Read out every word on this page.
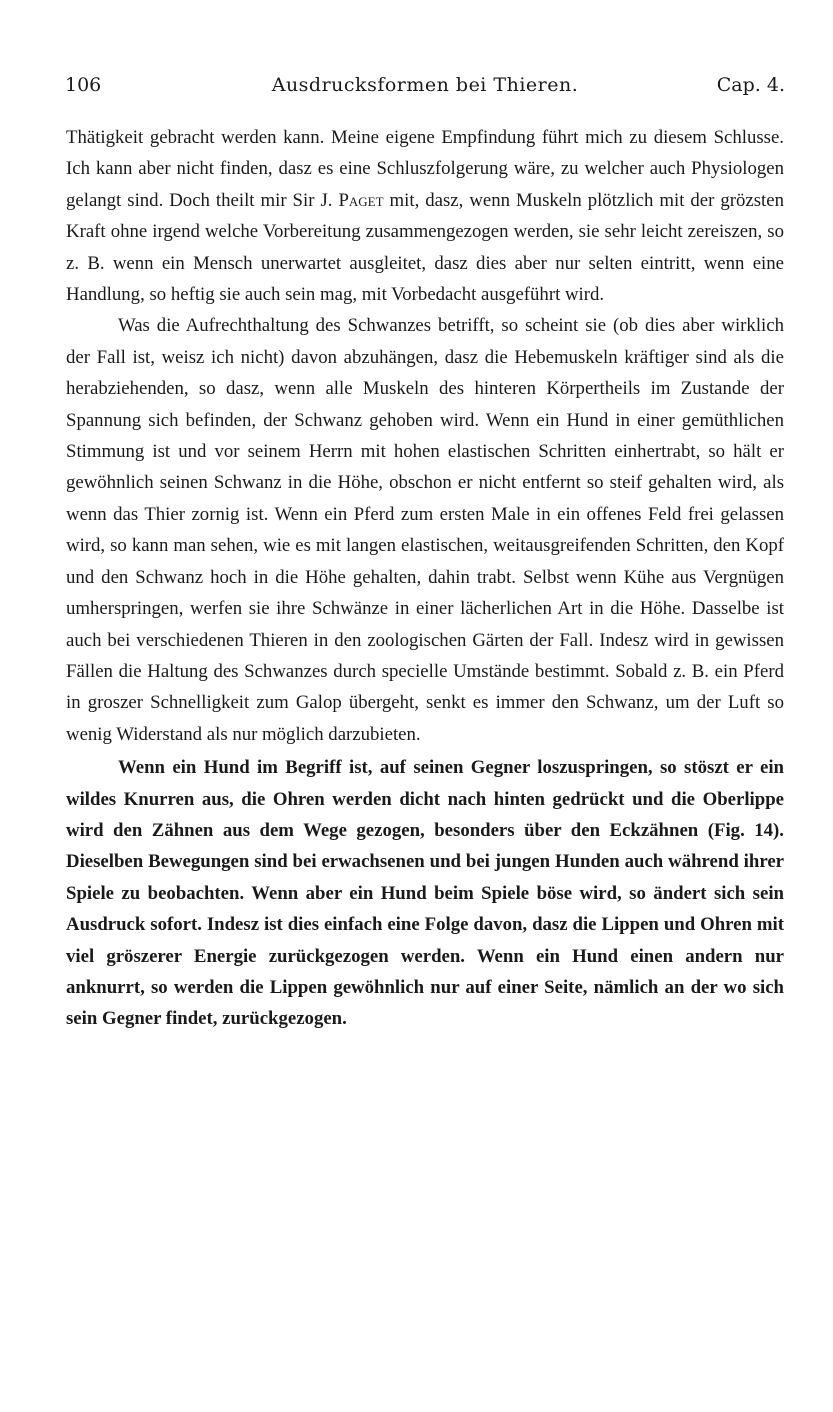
106	Ausdrucksformen bei Thieren.	Cap. 4.

Thätigkeit gebracht werden kann. Meine eigene Empfindung führt mich zu diesem Schlusse. Ich kann aber nicht finden, dasz es eine Schluszfolgerung wäre, zu welcher auch Physiologen gelangt sind. Doch theilt mir Sir J. Paget mit, dasz, wenn Muskeln plötzlich mit der grözsten Kraft ohne irgend welche Vorbereitung zusammengezogen werden, sie sehr leicht zereiszen, so z. B. wenn ein Mensch unerwartet ausgleitet, dasz dies aber nur selten eintritt, wenn eine Handlung, so heftig sie auch sein mag, mit Vorbedacht ausgeführt wird.

Was die Aufrechthaltung des Schwanzes betrifft, so scheint sie (ob dies aber wirklich der Fall ist, weisz ich nicht) davon abzuhängen, dasz die Hebemuskeln kräftiger sind als die herabziehenden, so dasz, wenn alle Muskeln des hinteren Körpertheils im Zustande der Spannung sich befinden, der Schwanz gehoben wird. Wenn ein Hund in einer gemüthlichen Stimmung ist und vor seinem Herrn mit hohen elastischen Schritten einhertrabt, so hält er gewöhnlich seinen Schwanz in die Höhe, obschon er nicht entfernt so steif gehalten wird, als wenn das Thier zornig ist. Wenn ein Pferd zum ersten Male in ein offenes Feld frei gelassen wird, so kann man sehen, wie es mit langen elastischen, weitausgreifenden Schritten, den Kopf und den Schwanz hoch in die Höhe gehalten, dahin trabt. Selbst wenn Kühe aus Vergnügen umherspringen, werfen sie ihre Schwänze in einer lächerlichen Art in die Höhe. Dasselbe ist auch bei verschiedenen Thieren in den zoologischen Gärten der Fall. Indesz wird in gewissen Fällen die Haltung des Schwanzes durch specielle Umstände bestimmt. Sobald z. B. ein Pferd in groszer Schnelligkeit zum Galop übergeht, senkt es immer den Schwanz, um der Luft so wenig Widerstand als nur möglich darzubieten.

Wenn ein Hund im Begriff ist, auf seinen Gegner loszuspringen, so stöszt er ein wildes Knurren aus, die Ohren werden dicht nach hinten gedrückt und die Oberlippe wird den Zähnen aus dem Wege gezogen, besonders über den Eckzähnen (Fig. 14). Dieselben Bewegungen sind bei erwachsenen und bei jungen Hunden auch während ihrer Spiele zu beobachten. Wenn aber ein Hund beim Spiele böse wird, so ändert sich sein Ausdruck sofort. Indesz ist dies einfach eine Folge davon, dasz die Lippen und Ohren mit viel gröszerer Energie zurückgezogen werden. Wenn ein Hund einen andern nur anknurrt, so werden die Lippen gewöhnlich nur auf einer Seite, nämlich an der wo sich sein Gegner findet, zurückgezogen.
